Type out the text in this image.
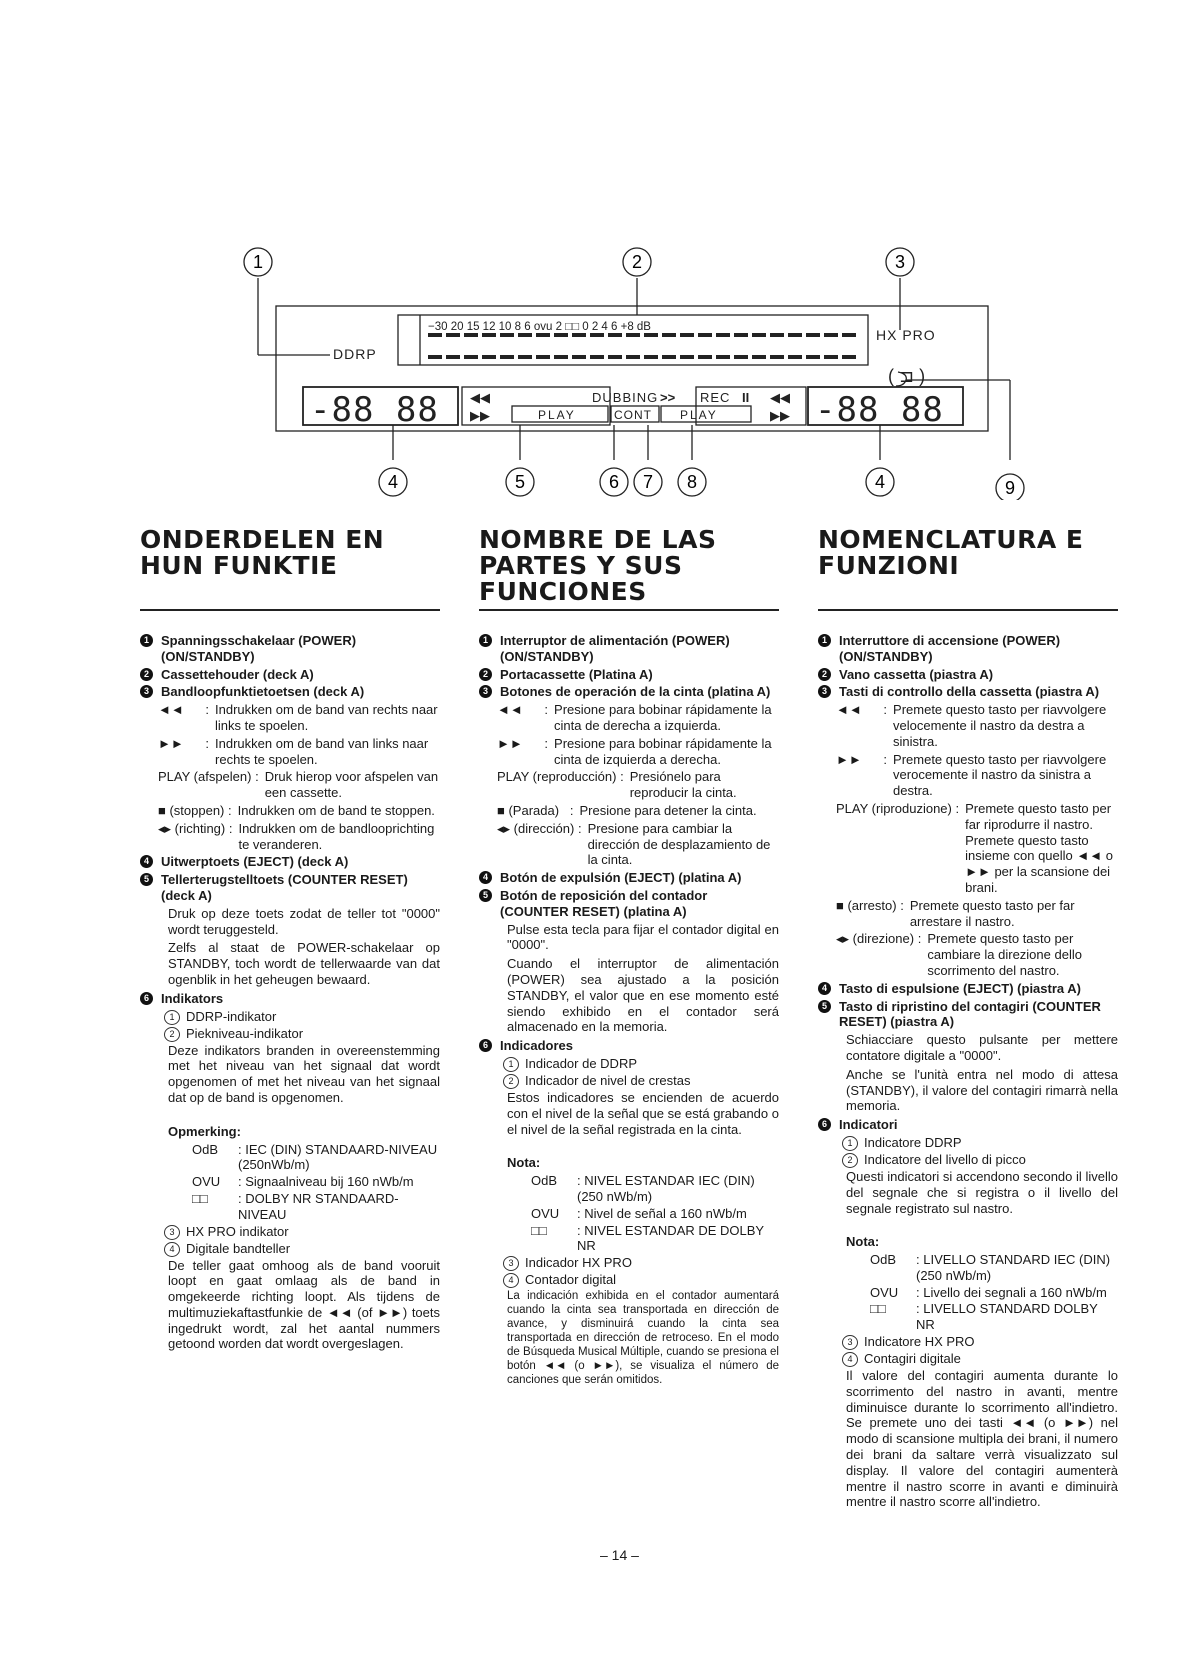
1	2	3
4	5	6 7 8	4	9
DDRP
−30 20 15 12 10 8 6 ovu 2 □□ 0 2 4 6 +8 dB	HX PRO
( ⊐ )
-88 88	-88 88
◀◀
▶▶
DUBBING >> REC II ◀◀
▶▶
PLAY	CONT PLAY
ONDERDELEN EN HUN FUNKTIE
1 Spanningsschakelaar (POWER) (ON/STANDBY)
2 Cassettehouder (deck A)
3 Bandloopfunktietoetsen (deck A)
◄◄      : Indrukken om de band van rechts naar links te spoelen.
►►      : Indrukken om de band van links naar rechts te spoelen.
PLAY (afspelen) : Druk hierop voor afspelen van een cassette.
■ (stoppen) : Indrukken om de band te stoppen.
◂▸ (richting) : Indrukken om de bandlooprichting te veranderen.
4 Uitwerptoets (EJECT) (deck A)
5 Tellerterugstelltoets (COUNTER RESET) (deck A)
Druk op deze toets zodat de teller tot "0000" wordt teruggesteld.
Zelfs al staat de POWER-schakelaar op STANDBY, toch wordt de tellerwaarde van dat ogenblik in het geheugen bewaard.
6 Indikators
1 DDRP-indikator
2 Piekniveau-indikator
Deze indikators branden in overeenstemming met het niveau van het signaal dat wordt opgenomen of met het niveau van het signaal dat op de band is opgenomen.
Opmerking:
OdB	: IEC (DIN) STANDAARD-NIVEAU (250nWb/m)
OVU	: Signaalniveau bij 160 nWb/m
□□	: DOLBY NR STANDAARD-NIVEAU
3 HX PRO indikator
4 Digitale bandteller
De teller gaat omhoog als de band vooruit loopt en gaat omlaag als de band in omgekeerde richting loopt. Als tijdens de multimuziekaftastfunkie de ◄◄ (of ►►) toets ingedrukt wordt, zal het aantal nummers getoond worden dat wordt overgeslagen.
NOMBRE DE LAS PARTES Y SUS FUNCIONES
1 Interruptor de alimentación (POWER) (ON/STANDBY)
2 Portacassette (Platina A)
3 Botones de operación de la cinta (platina A)
◄◄      : Presione para bobinar rápidamente la cinta de derecha a izquierda.
►►      : Presione para bobinar rápidamente la cinta de izquierda a derecha.
PLAY (reproducción) : Presiónelo para reproducir la cinta.
■ (Parada)   : Presione para detener la cinta.
◂▸ (dirección) : Presione para cambiar la dirección de desplazamiento de la cinta.
4 Botón de expulsión (EJECT) (platina A)
5 Botón de reposición del contador (COUNTER RESET) (platina A)
Pulse esta tecla para fijar el contador digital en "0000".
Cuando el interruptor de alimentación (POWER) sea ajustado a la posición STANDBY, el valor que en ese momento esté siendo exhibido en el contador será almacenado en la memoria.
6 Indicadores
1 Indicador de DDRP
2 Indicador de nivel de crestas
Estos indicadores se encienden de acuerdo con el nivel de la señal que se está grabando o el nivel de la señal registrada en la cinta.
Nota:
OdB	: NIVEL ESTANDAR IEC (DIN) (250 nWb/m)
OVU	: Nivel de señal a 160 nWb/m
□□	: NIVEL ESTANDAR DE DOLBY NR
3 Indicador HX PRO
4 Contador digital
La indicación exhibida en el contador aumentará cuando la cinta sea transportada en dirección de avance, y disminuirá cuando la cinta sea transportada en dirección de retroceso. En el modo de Búsqueda Musical Múltiple, cuando se presiona el botón ◄◄ (o ►►), se visualiza el número de canciones que serán omitidos.
NOMENCLATURA E FUNZIONI
1 Interruttore di accensione (POWER) (ON/STANDBY)
2 Vano cassetta (piastra A)
3 Tasti di controllo della cassetta (piastra A)
◄◄      : Premete questo tasto per riavvolgere velocemente il nastro da destra a sinistra.
►►      : Premete questo tasto per riavvolgere verocemente il nastro da sinistra a destra.
PLAY (riproduzione) : Premete questo tasto per far riprodurre il nastro. Premete questo tasto insieme con quello ◄◄ o ►► per la scansione dei brani.
■ (arresto) : Premete questo tasto per far arrestare il nastro.
◂▸ (direzione) : Premete questo tasto per cambiare la direzione dello scorrimento del nastro.
4 Tasto di espulsione (EJECT) (piastra A)
5 Tasto di ripristino del contagiri (COUNTER RESET) (piastra A)
Schiacciare questo pulsante per mettere contatore digitale a "0000".
Anche se l'unità entra nel modo di attesa (STANDBY), il valore del contagiri rimarrà nella memoria.
6 Indicatori
1 Indicatore DDRP
2 Indicatore del livello di picco
Questi indicatori si accendono secondo il livello del segnale che si registra o il livello del segnale registrato sul nastro.
Nota:
OdB	: LIVELLO STANDARD IEC (DIN) (250 nWb/m)
OVU	: Livello dei segnali a 160 nWb/m
□□	: LIVELLO STANDARD DOLBY NR
3 Indicatore HX PRO
4 Contagiri digitale
Il valore del contagiri aumenta durante lo scorrimento del nastro in avanti, mentre diminuisce durante lo scorrimento all'indietro. Se premete uno dei tasti ◄◄ (o ►►) nel modo di scansione multipla dei brani, il numero dei brani da saltare verrà visualizzato sul display. Il valore del contagiri aumenterà mentre il nastro scorre in avanti e diminuirà mentre il nastro scorre all'indietro.
– 14 –
